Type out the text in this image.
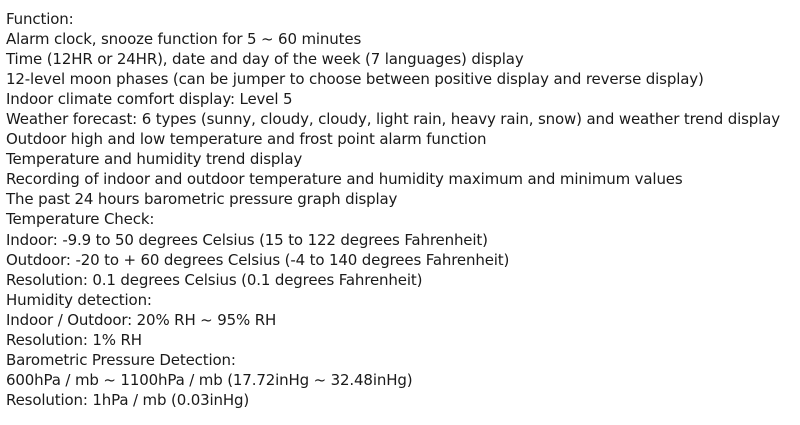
Function:
Alarm clock, snooze function for 5 ~ 60 minutes
Time (12HR or 24HR), date and day of the week (7 languages) display
12-level moon phases (can be jumper to choose between positive display and reverse display)
Indoor climate comfort display: Level 5
Weather forecast: 6 types (sunny, cloudy, cloudy, light rain, heavy rain, snow) and weather trend display
Outdoor high and low temperature and frost point alarm function
Temperature and humidity trend display
Recording of indoor and outdoor temperature and humidity maximum and minimum values
The past 24 hours barometric pressure graph display
Temperature Check:
Indoor: -9.9 to 50 degrees Celsius (15 to 122 degrees Fahrenheit)
Outdoor: -20 to + 60 degrees Celsius (-4 to 140 degrees Fahrenheit)
Resolution: 0.1 degrees Celsius (0.1 degrees Fahrenheit)
Humidity detection:
Indoor / Outdoor: 20% RH ~ 95% RH
Resolution: 1% RH
Barometric Pressure Detection:
600hPa / mb ~ 1100hPa / mb (17.72inHg ~ 32.48inHg)
Resolution: 1hPa / mb (0.03inHg)
